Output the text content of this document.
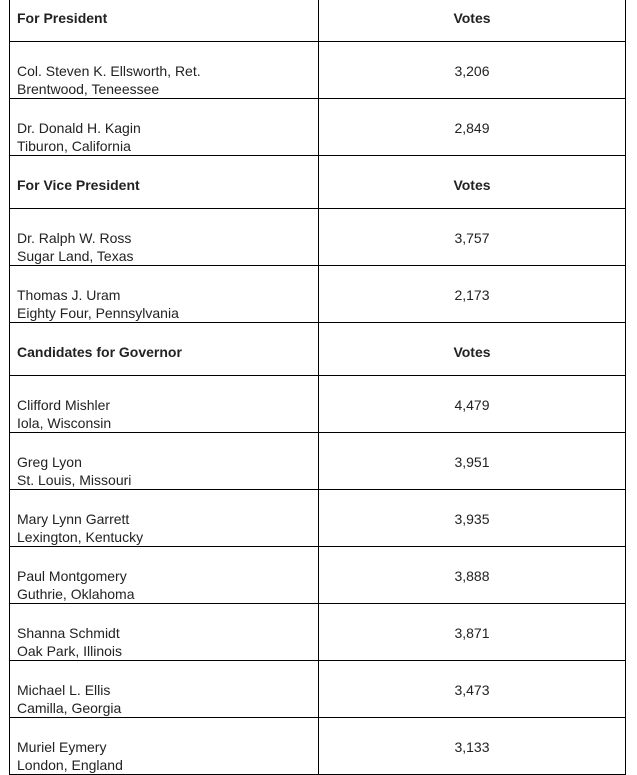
For President	Votes

Col. Steven K. Ellsworth, Ret.
Brentwood, Teneessee	3,206

Dr. Donald H. Kagin
Tiburon, California	2,849
For Vice President	Votes

Dr. Ralph W. Ross
Sugar Land, Texas	3,757

Thomas J. Uram
Eighty Four, Pennsylvania	2,173
Candidates for Governor	Votes

Clifford Mishler
Iola, Wisconsin	4,479

Greg Lyon
St. Louis, Missouri	3,951

Mary Lynn Garrett
Lexington, Kentucky	3,935

Paul Montgomery
Guthrie, Oklahoma	3,888

Shanna Schmidt
Oak Park, Illinois	3,871

Michael L. Ellis
Camilla, Georgia	3,473

Muriel Eymery
London, England	3,133
